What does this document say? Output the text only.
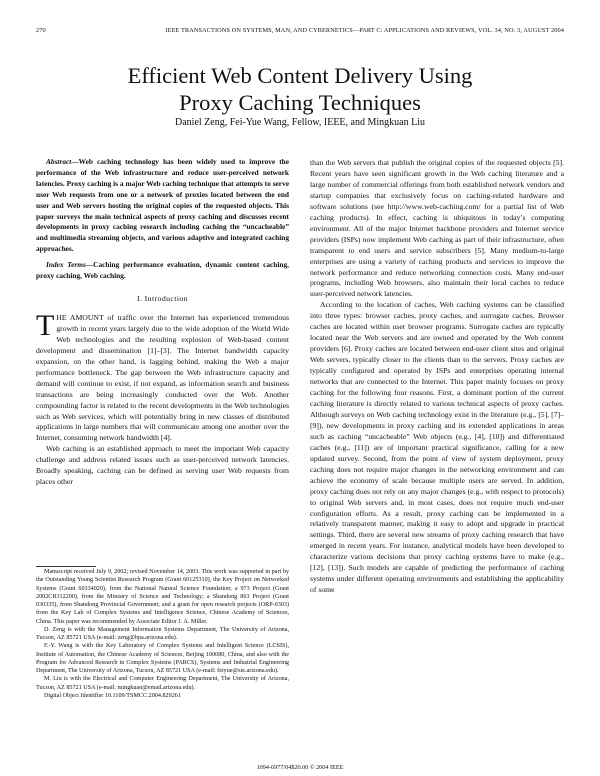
270	IEEE TRANSACTIONS ON SYSTEMS, MAN, AND CYBERNETICS—PART C: APPLICATIONS AND REVIEWS, VOL. 34, NO. 3, AUGUST 2004
Efficient Web Content Delivery Using
Proxy Caching Techniques
Daniel Zeng, Fei-Yue Wang, Fellow, IEEE, and Mingkuan Liu

Abstract—Web caching technology has been widely used to improve the performance of the Web infrastructure and reduce user-perceived network latencies. Proxy caching is a major Web caching technique that attempts to serve user Web requests from one or a network of proxies located between the end user and Web servers hosting the original copies of the requested objects. This paper surveys the main technical aspects of proxy caching and discusses recent developments in proxy caching research including caching the “uncacheable” and multimedia streaming objects, and various adaptive and integrated caching approaches.

Index Terms—Caching performance evaluation, dynamic content caching, proxy caching, Web caching.

I. Introduction

THE AMOUNT of traffic over the Internet has experienced tremendous growth in recent years largely due to the wide adoption of the World Wide Web technologies and the resulting explosion of Web-based content development and dissemination [1]–[3]. The Internet bandwidth capacity expansion, on the other hand, is lagging behind, making the Web a major performance bottleneck. The gap between the Web infrastructure capacity and demand will continue to exist, if not expand, as information search and business transactions are being increasingly conducted over the Web. Another compounding factor is related to the recent developments in the Web technologies such as Web services, which will potentially bring in new classes of distributed applications in large numbers that will communicate among one another over the Internet, consuming network bandwidth [4].

Web caching is an established approach to meet the important Web capacity challenge and address related issues such as user-perceived network latencies. Broadly speaking, caching can be defined as serving user Web requests from places other

Manuscript received July 9, 2002; revised November 14, 2003. This work was supported in part by the Outstanding Young Scientist Research Program (Grant 60125310), the Key Project on Networked Systems (Grant 60334020), from the National Natural Science Foundation; a 973 Project (Grant 2002CB312200), from the Ministry of Science and Technology; a Shandong 863 Project (Grant 030335), from Shandong Provincial Government; and a grant for open research projects (ORP-0303) from the Key Lab of Complex Systems and Intelligence Science, Chinese Academy of Sciences, China. This paper was recommended by Associate Editor J. A. Miller.

D. Zeng is with the Management Information Systems Department, The University of Arizona, Tucson, AZ 85721 USA (e-mail: zeng@bpa.arizona.edu).

F.-Y. Wang is with the Key Laboratory of Complex Systems and Intelligent Science (LCSIS), Institute of Automation, the Chinese Academy of Sciences, Beijing 100080, China, and also with the Program for Advanced Research in Complex Systems (PARCS), Systems and Industrial Engineering Department, The University of Arizona, Tucson, AZ 85721 USA (e-mail: feiyue@sie.arizona.edu).

M. Liu is with the Electrical and Computer Engineering Department, The University of Arizona, Tucson, AZ 85721 USA (e-mail: mingkuan@email.arizona.edu).

Digital Object Identifier 10.1109/TSMCC.2004.829261

than the Web servers that publish the original copies of the requested objects [5]. Recent years have seen significant growth in the Web caching literature and a large number of commercial offerings from both established network vendors and startup companies that exclusively focus on caching-related hardware and software solutions (see http://www.web-caching.com/ for a partial list of Web caching products). In effect, caching is ubiquitous in today’s computing environment. All of the major Internet backbone providers and Internet service providers (ISPs) now implement Web caching as part of their infrastructure, often transparent to end users and service subscribers [5]. Many medium-to-large enterprises are using a variety of caching products and services to improve the network performance and reduce networking connection costs. Many end-user programs, including Web browsers, also maintain their local caches to reduce user-perceived network latencies.

According to the location of caches, Web caching systems can be classified into three types: browser caches, proxy caches, and surrogate caches. Browser caches are located within user browser programs. Surrogate caches are typically located near the Web servers and are owned and operated by the Web content providers [6]. Proxy caches are located between end-user client sites and original Web servers, typically closer to the clients than to the servers. Proxy caches are typically configured and operated by ISPs and enterprises operating internal networks that are connected to the Internet. This paper mainly focuses on proxy caching for the following four reasons. First, a dominant portion of the current caching literature is directly related to various technical aspects of proxy caches. Although surveys on Web caching technology exist in the literature (e.g., [5], [7]–[9]), new developments in proxy caching and its extended applications in areas such as caching “uncacheable” Web objects (e.g., [4], [10]) and differentiated caches (e.g., [11]) are of important practical significance, calling for a new updated survey. Second, from the point of view of system deployment, proxy caching does not require major changes in the networking environment and can achieve the economy of scale because multiple users are served. In addition, proxy caching does not rely on any major changes (e.g., with respect to protocols) to original Web servers and, in most cases, does not require much end-user configuration efforts. As a result, proxy caching can be implemented in a relatively transparent manner, making it easy to adopt and upgrade in practical settings. Third, there are several new streams of proxy caching research that have emerged in recent years. For instance, analytical models have been developed to characterize various decisions that proxy caching systems have to make (e.g., [12], [13]). Such models are capable of predicting the performance of caching systems under different operating environments and establishing the applicability of some

1094-6977/04$20.00 © 2004 IEEE
